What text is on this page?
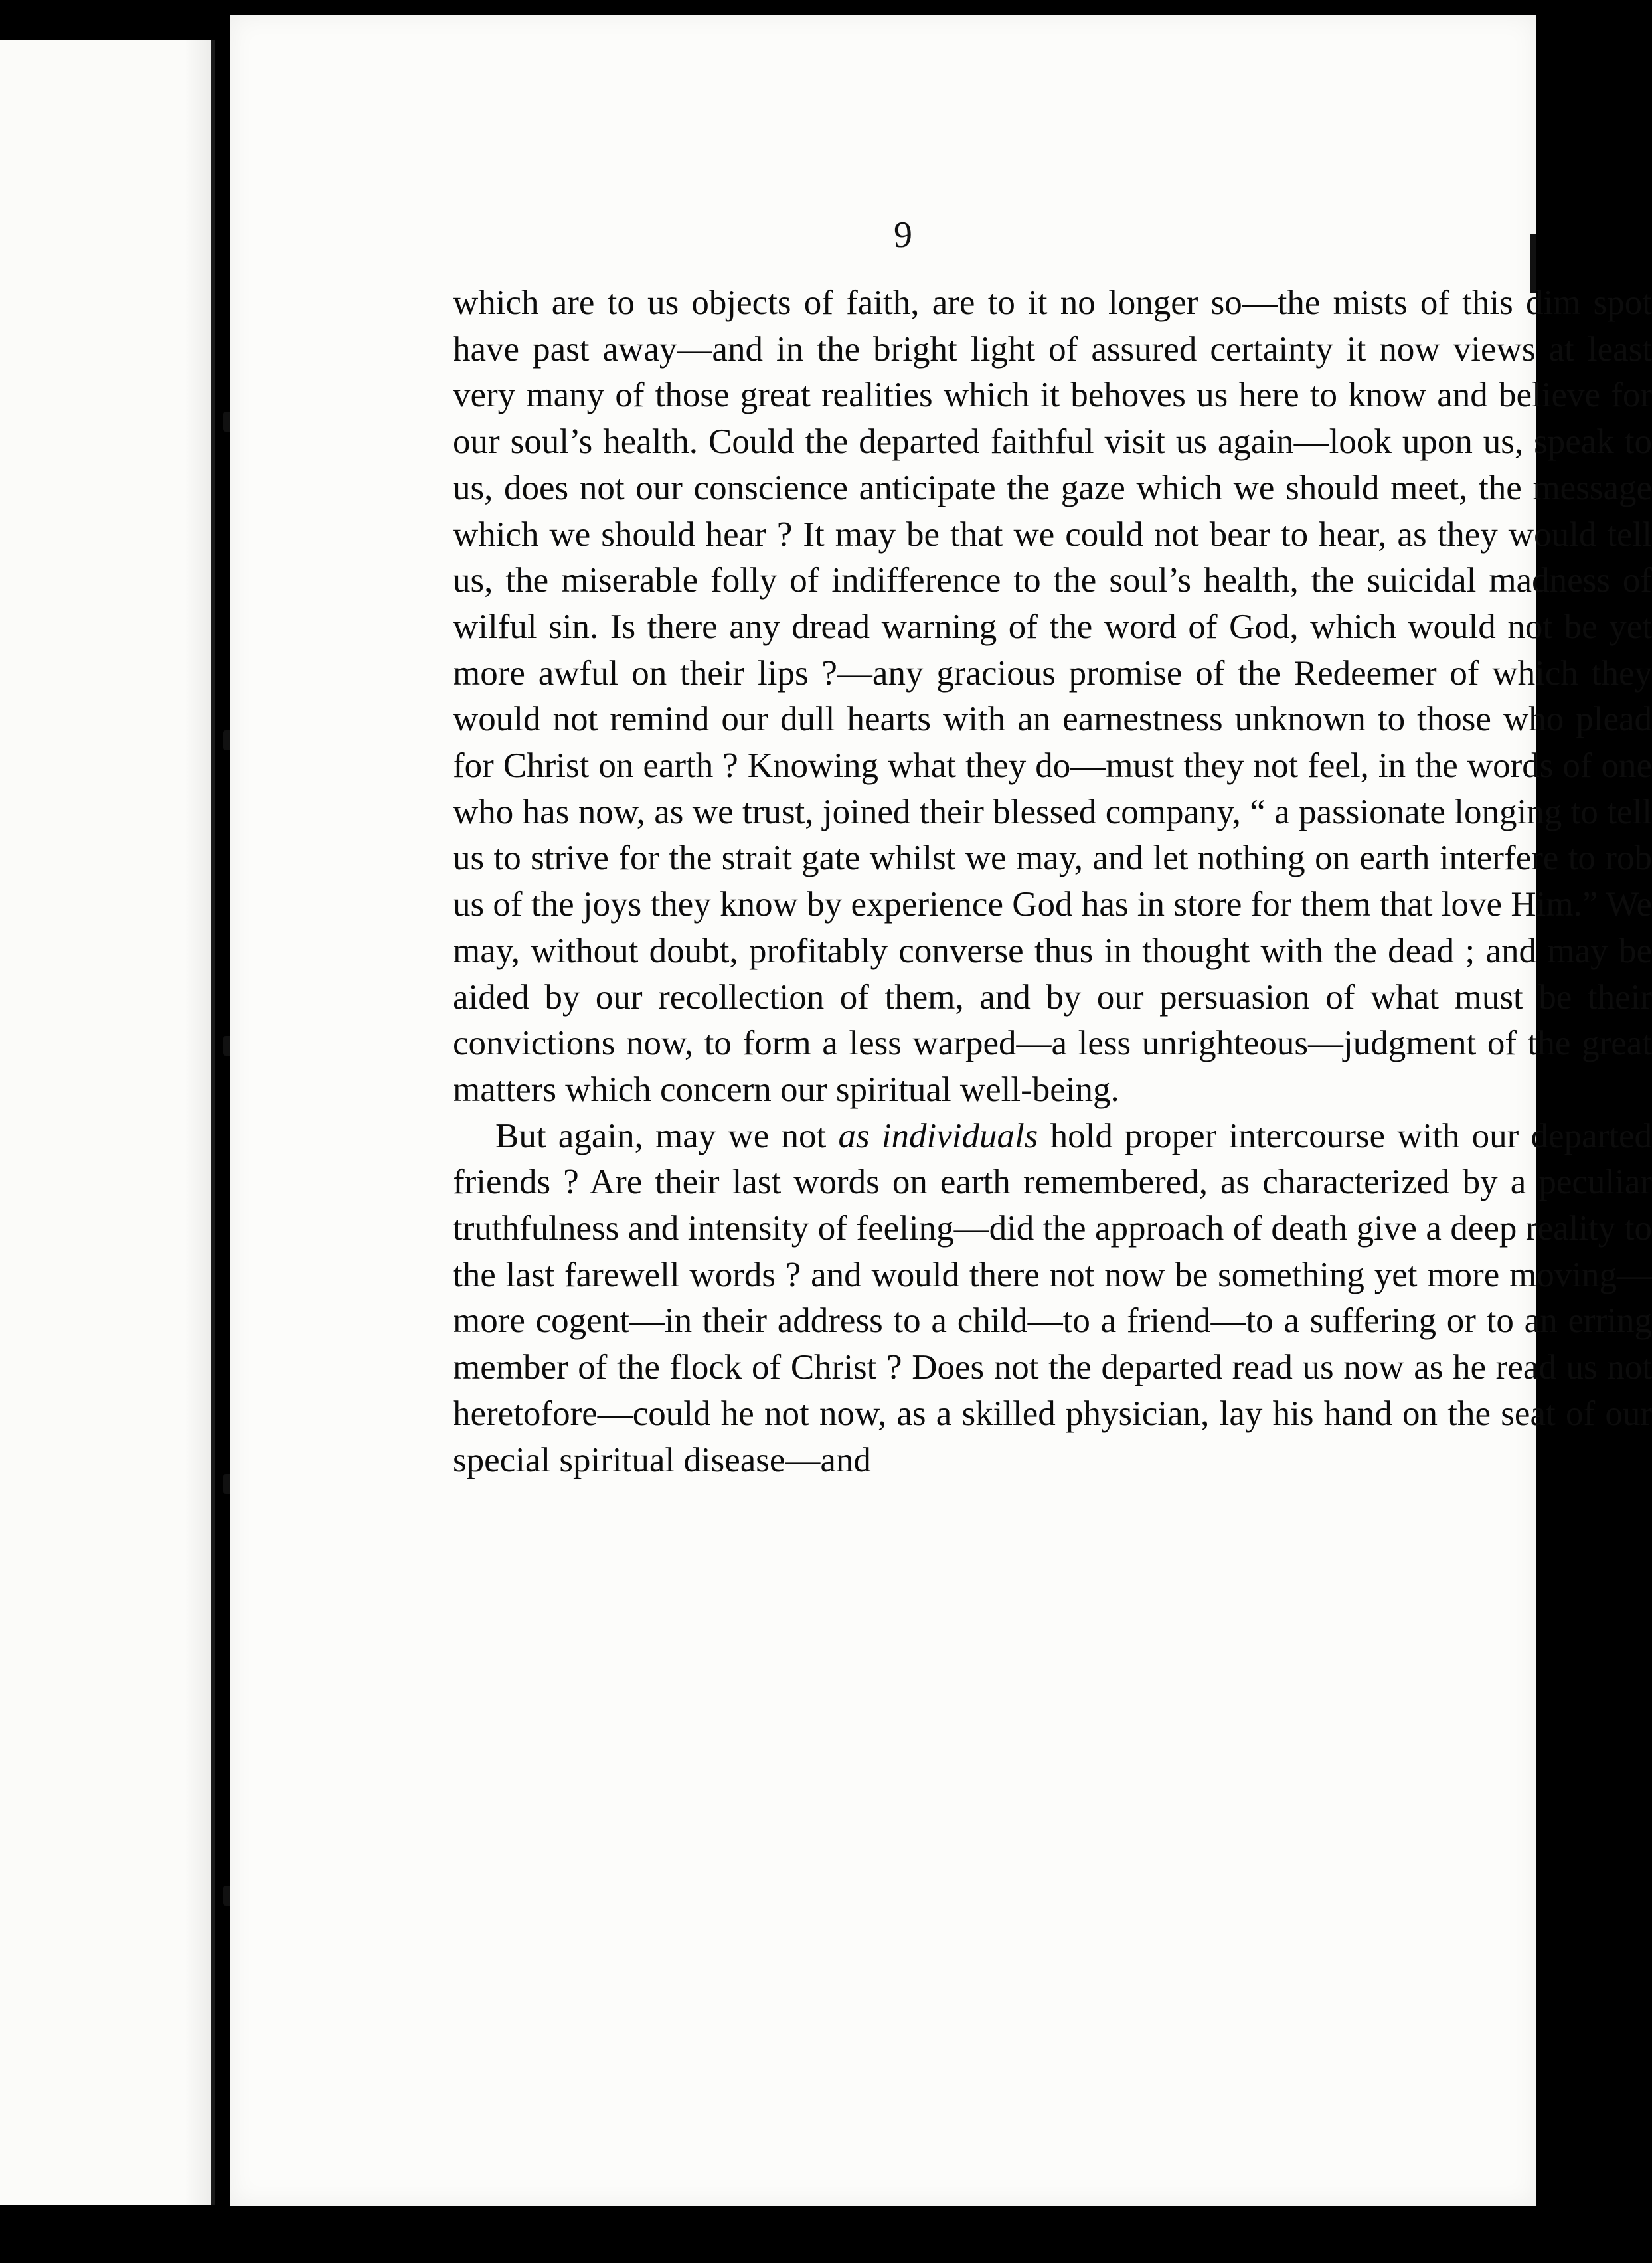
9

which are to us objects of faith, are to it no longer so—the mists of this dim spot have past away—and in the bright light of assured certainty it now views at least very many of those great realities which it behoves us here to know and believe for our soul’s health. Could the departed faithful visit us again—look upon us, speak to us, does not our conscience anticipate the gaze which we should meet, the message which we should hear ? It may be that we could not bear to hear, as they would tell us, the miserable folly of indifference to the soul’s health, the suicidal madness of wilful sin. Is there any dread warning of the word of God, which would not be yet more awful on their lips ?—any gracious promise of the Redeemer of which they would not remind our dull hearts with an earnestness unknown to those who plead for Christ on earth ? Knowing what they do—must they not feel, in the words of one who has now, as we trust, joined their blessed company, “ a passionate longing to tell us to strive for the strait gate whilst we may, and let nothing on earth interfere to rob us of the joys they know by experience God has in store for them that love Him.” We may, without doubt, profitably converse thus in thought with the dead ; and may be aided by our recollection of them, and by our persuasion of what must be their convictions now, to form a less warped—a less unrighteous—judgment of the great matters which concern our spiritual well-being.

But again, may we not as individuals hold proper intercourse with our departed friends ? Are their last words on earth remembered, as characterized by a peculiar truthfulness and intensity of feeling—did the approach of death give a deep reality to the last farewell words ? and would there not now be something yet more moving—more cogent—in their address to a child—to a friend—to a suffering or to an erring member of the flock of Christ ? Does not the departed read us now as he read us not heretofore—could he not now, as a skilled physician, lay his hand on the seat of our special spiritual disease—and
